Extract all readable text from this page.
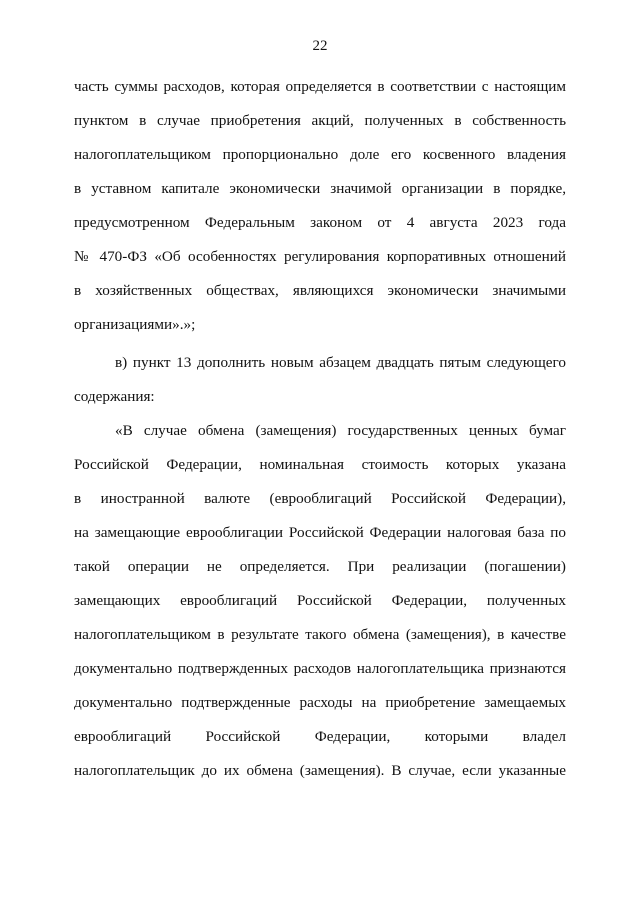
22
часть суммы расходов, которая определяется в соответствии с настоящим
пунктом в случае приобретения акций, полученных в собственность
налогоплательщиком пропорционально доле его косвенного владения
в уставном капитале экономически значимой организации в порядке,
предусмотренном Федеральным законом от 4 августа 2023 года
№ 470-ФЗ «Об особенностях регулирования корпоративных отношений
в хозяйственных обществах, являющихся экономически значимыми
организациями».»;
в) пункт 13 дополнить новым абзацем двадцать пятым следующего
содержания:
«В случае обмена (замещения) государственных ценных бумаг
Российской Федерации, номинальная стоимость которых указана
в иностранной валюте (еврооблигаций Российской Федерации),
на замещающие еврооблигации Российской Федерации налоговая база по
такой операции не определяется. При реализации (погашении)
замещающих еврооблигаций Российской Федерации, полученных
налогоплательщиком в результате такого обмена (замещения), в качестве
документально подтвержденных расходов налогоплательщика признаются
документально подтвержденные расходы на приобретение замещаемых
еврооблигаций Российской Федерации, которыми владел
налогоплательщик до их обмена (замещения). В случае, если указанные
